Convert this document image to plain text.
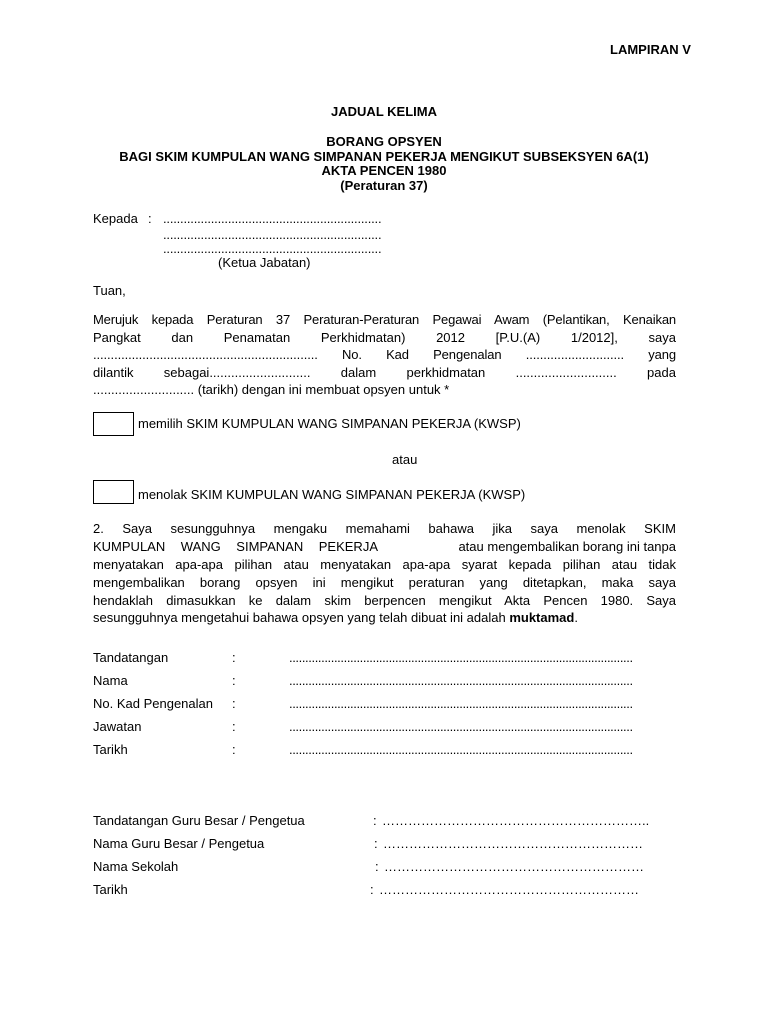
LAMPIRAN V
JADUAL KELIMA
BORANG OPSYEN
BAGI SKIM KUMPULAN WANG SIMPANAN PEKERJA MENGIKUT SUBSEKSYEN 6A(1)
AKTA PENCEN 1980
(Peraturan 37)
Kepada : ................................................................
................................................................
................................................................
(Ketua Jabatan)
Tuan,
Merujuk kepada Peraturan 37 Peraturan-Peraturan Pegawai Awam (Pelantikan, Kenaikan
Pangkat dan Penamatan Perkhidmatan) 2012 [P.U.(A) 1/2012], saya
................................................................ No. Kad Pengenalan ............................ yang
dilantik sebagai............................ dalam perkhidmatan ............................ pada
............................ (tarikh) dengan ini membuat opsyen untuk *
memilih SKIM KUMPULAN WANG SIMPANAN PEKERJA (KWSP)
atau
menolak SKIM KUMPULAN WANG SIMPANAN PEKERJA (KWSP)
2. Saya sesungguhnya mengaku memahami bahawa jika saya menolak SKIM
KUMPULAN WANG SIMPANAN PEKERJA	atau mengembalikan borang ini tanpa
menyatakan apa-apa pilihan atau menyatakan apa-apa syarat kepada pilihan atau tidak
mengembalikan borang opsyen ini mengikut peraturan yang ditetapkan, maka saya
hendaklah dimasukkan ke dalam skim berpencen mengikut Akta Pencen 1980. Saya
sesungguhnya mengetahui bahawa opsyen yang telah dibuat ini adalah muktamad.
Tandatangan	:	...........................................................................................................
Nama	:	...........................................................................................................
No. Kad Pengenalan :	...........................................................................................................
Jawatan	:	...........................................................................................................
Tarikh	:	...........................................................................................................
Tandatangan Guru Besar / Pengetua	: ……………………………………………………..
Nama Guru Besar / Pengetua	: ……………………………………………………
Nama Sekolah	: ……………………………………………………
Tarikh	: ……………………………………………………
